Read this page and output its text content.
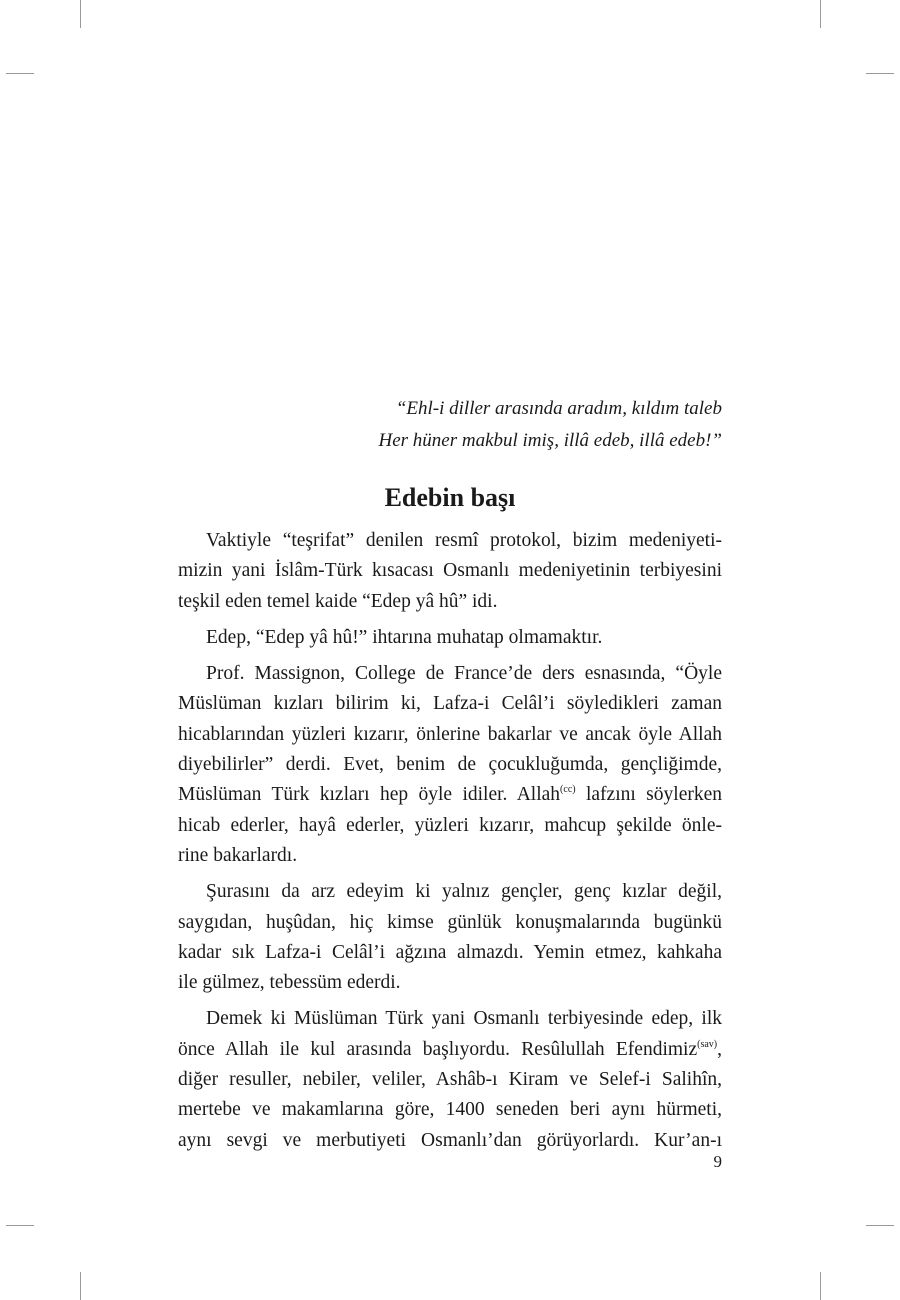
“Ehl-i diller arasında aradım, kıldım taleb
Her hüner makbul imiş, illâ edeb, illâ edeb!”
Edebin başı

Vaktiyle “teşrifat” denilen resmî protokol, bizim medeniyeti-
mizin yani İslâm-Türk kısacası Osmanlı medeniyetinin terbiyesini
teşkil eden temel kaide “Edep yâ hû” idi.

Edep, “Edep yâ hû!” ihtarına muhatap olmamaktır.

Prof. Massignon, College de France’de ders esnasında, “Öyle
Müslüman kızları bilirim ki, Lafza-i Celâl’i söyledikleri zaman
hicablarından yüzleri kızarır, önlerine bakarlar ve ancak öyle Allah
diyebilirler” derdi. Evet, benim de çocukluğumda, gençliğimde,
Müslüman Türk kızları hep öyle idiler. Allah$^{(cc)}$ lafzını söylerken
hicab ederler, hayâ ederler, yüzleri kızarır, mahcup şekilde önle-
rine bakarlardı.

Şurasını da arz edeyim ki yalnız gençler, genç kızlar değil,
saygıdan, huşûdan, hiç kimse günlük konuşmalarında bugünkü
kadar sık Lafza-i Celâl’i ağzına almazdı. Yemin etmez, kahkaha
ile gülmez, tebessüm ederdi.

Demek ki Müslüman Türk yani Osmanlı terbiyesinde edep, ilk
önce Allah ile kul arasında başlıyordu. Resûlullah Efendimiz$^{(sav)}$,
diğer resuller, nebiler, veliler, Ashâb-ı Kiram ve Selef-i Salihîn,
mertebe ve makamlarına göre, 1400 seneden beri aynı hürmeti,
aynı sevgi ve merbutiyeti Osmanlı’dan görüyorlardı. Kur’an-ı

9
